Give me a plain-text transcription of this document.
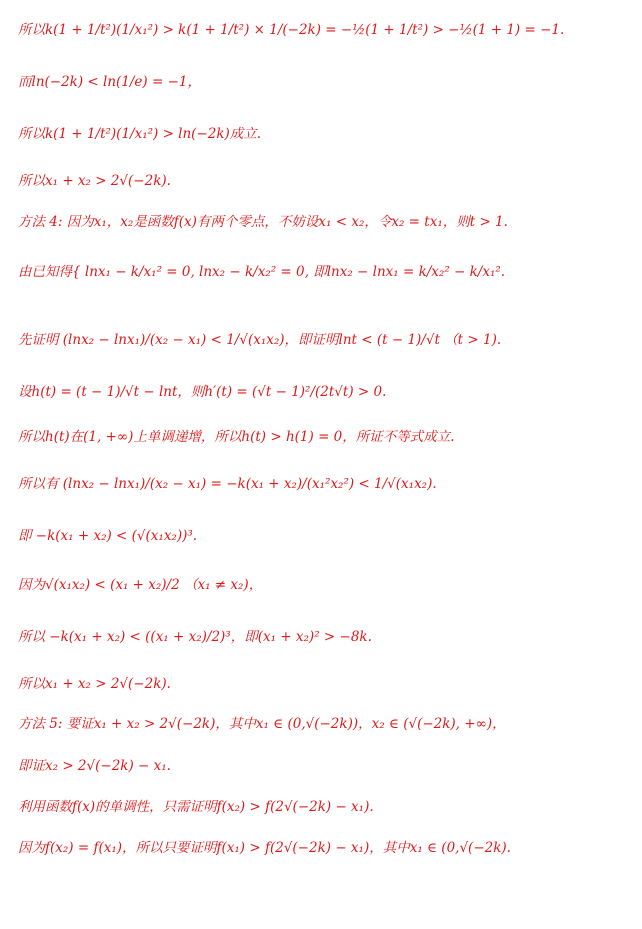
所以k(1 + 1/t²)(1/x₁²) > k(1 + 1/t²) × 1/(−2k) = −½(1 + 1/t²) > −½(1 + 1) = −1.
而ln(−2k) < ln(1/e) = −1，
所以k(1 + 1/t²)(1/x₁²) > ln(−2k)成立.
所以x₁ + x₂ > 2√(−2k).
方法 4: 因为x₁，x₂是函数f(x)有两个零点，不妨设x₁ < x₂，令x₂ = tx₁，则t > 1.
由已知得{ lnx₁ − k/x₁² = 0, lnx₂ − k/x₂² = 0, 即lnx₂ − lnx₁ = k/x₂² − k/x₁².
先证明 (lnx₂ − lnx₁)/(x₂ − x₁) < 1/√(x₁x₂)，即证明lnt < (t − 1)/√t （t > 1).
设h(t) = (t − 1)/√t − lnt，则h′(t) = (√t − 1)²/(2t√t) > 0.
所以h(t)在(1, +∞)上单调递增，所以h(t) > h(1) = 0，所证不等式成立.
所以有 (lnx₂ − lnx₁)/(x₂ − x₁) = −k(x₁ + x₂)/(x₁²x₂²) < 1/√(x₁x₂).
即 −k(x₁ + x₂) < (√(x₁x₂))³.
因为√(x₁x₂) < (x₁ + x₂)/2 （x₁ ≠ x₂)，
所以 −k(x₁ + x₂) < ((x₁ + x₂)/2)³，即(x₁ + x₂)² > −8k.
所以x₁ + x₂ > 2√(−2k).
方法 5: 要证x₁ + x₂ > 2√(−2k)，其中x₁ ∈ (0,√(−2k))，x₂ ∈ (√(−2k), +∞)，
即证x₂ > 2√(−2k) − x₁.
利用函数f(x)的单调性，只需证明f(x₂) > f(2√(−2k) − x₁).
因为f(x₂) = f(x₁)，所以只要证明f(x₁) > f(2√(−2k) − x₁)，其中x₁ ∈ (0,√(−2k).
